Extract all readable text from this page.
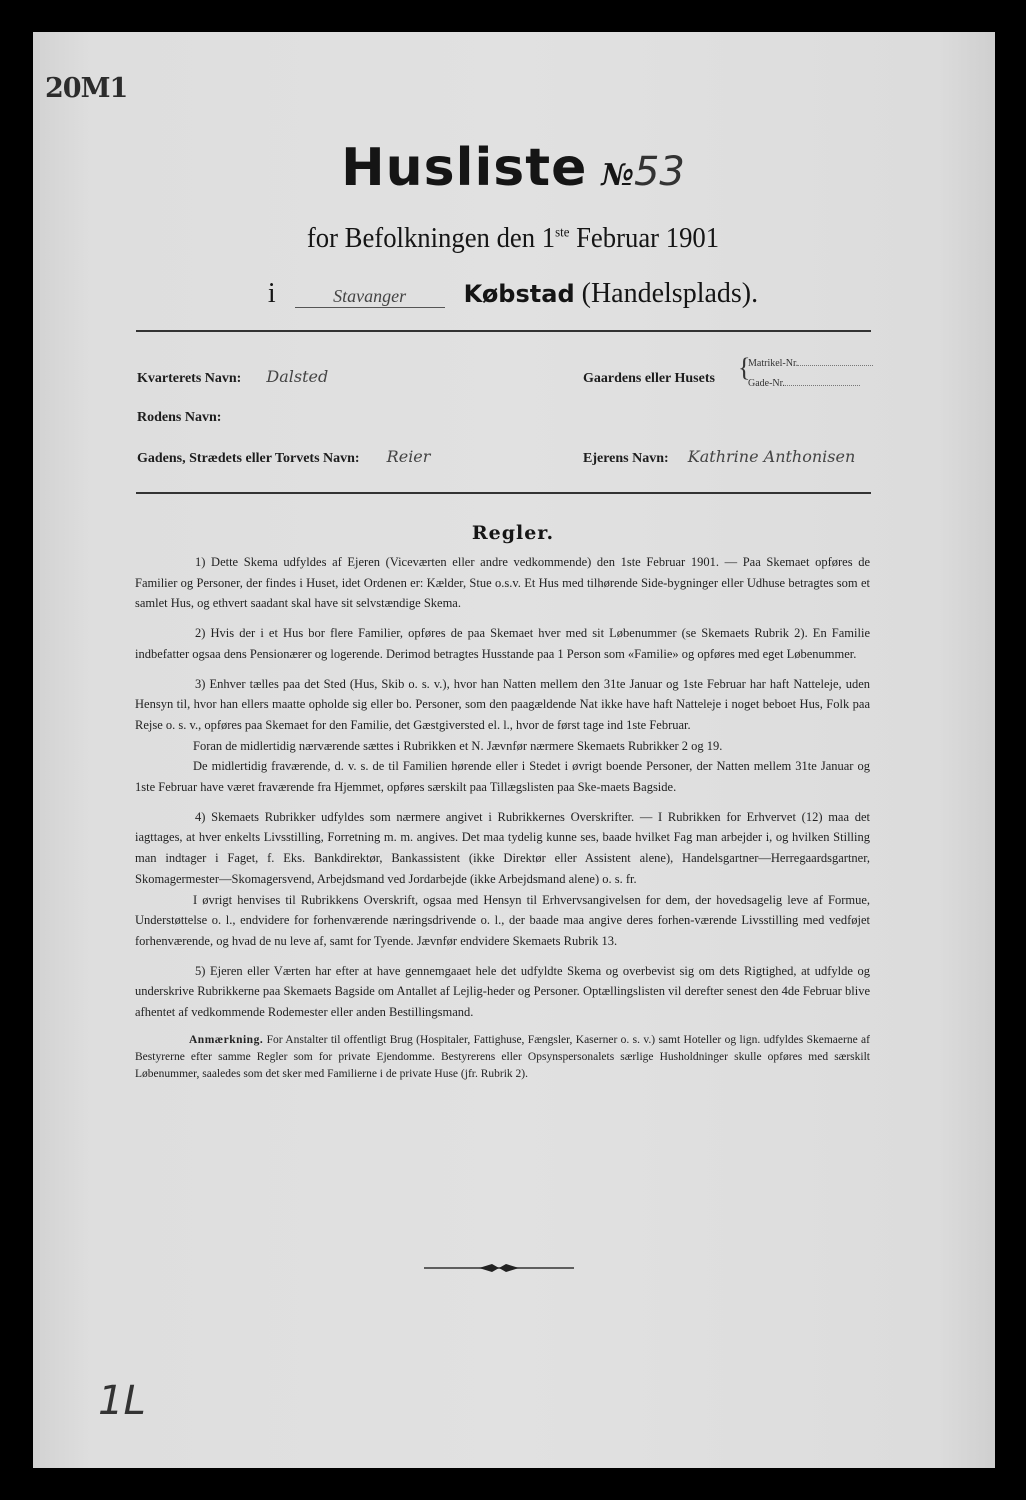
20M1
Husliste №53
for Befolkningen den 1ste Februar 1901
i	Stavanger Købstad (Handelsplads).
Kvarterets Navn: Dalsted	Gaardens eller Husets {
Matrikel-Nr.
Gade-Nr.
Rodens Navn:
Gadens, Strædets eller Torvets Navn: Reier	Ejerens Navn: Kathrine Anthonisen
Regler.

1) Dette Skema udfyldes af Ejeren (Viceværten eller andre vedkommende) den 1ste Februar 1901. — Paa Skemaet opføres de Familier og Personer, der findes i Huset, idet Ordenen er: Kælder, Stue o.s.v. Et Hus med tilhørende Side-bygninger eller Udhuse betragtes som et samlet Hus, og ethvert saadant skal have sit selvstændige Skema.

2) Hvis der i et Hus bor flere Familier, opføres de paa Skemaet hver med sit Løbenummer (se Skemaets Rubrik 2). En Familie indbefatter ogsaa dens Pensionærer og logerende. Derimod betragtes Husstande paa 1 Person som «Familie» og opføres med eget Løbenummer.

3) Enhver tælles paa det Sted (Hus, Skib o. s. v.), hvor han Natten mellem den 31te Januar og 1ste Februar har haft Natteleje, uden Hensyn til, hvor han ellers maatte opholde sig eller bo. Personer, som den paagældende Nat ikke have haft Natteleje i noget beboet Hus, Folk paa Rejse o. s. v., opføres paa Skemaet for den Familie, det Gæstgiversted el. l., hvor de først tage ind 1ste Februar.

Foran de midlertidig nærværende sættes i Rubrikken et N. Jævnfør nærmere Skemaets Rubrikker 2 og 19.

De midlertidig fraværende, d. v. s. de til Familien hørende eller i Stedet i øvrigt boende Personer, der Natten mellem 31te Januar og 1ste Februar have været fraværende fra Hjemmet, opføres særskilt paa Tillægslisten paa Ske-maets Bagside.

4) Skemaets Rubrikker udfyldes som nærmere angivet i Rubrikkernes Overskrifter. — I Rubrikken for Erhvervet (12) maa det iagttages, at hver enkelts Livsstilling, Forretning m. m. angives. Det maa tydelig kunne ses, baade hvilket Fag man arbejder i, og hvilken Stilling man indtager i Faget, f. Eks. Bankdirektør, Bankassistent (ikke Direktør eller Assistent alene), Handelsgartner—Herregaardsgartner, Skomagermester—Skomagersvend, Arbejdsmand ved Jordarbejde (ikke Arbejdsmand alene) o. s. fr.

I øvrigt henvises til Rubrikkens Overskrift, ogsaa med Hensyn til Erhvervsangivelsen for dem, der hovedsagelig leve af Formue, Understøttelse o. l., endvidere for forhenværende næringsdrivende o. l., der baade maa angive deres forhen-værende Livsstilling med vedføjet forhenværende, og hvad de nu leve af, samt for Tyende. Jævnfør endvidere Skemaets Rubrik 13.

5) Ejeren eller Værten har efter at have gennemgaaet hele det udfyldte Skema og overbevist sig om dets Rigtighed, at udfylde og underskrive Rubrikkerne paa Skemaets Bagside om Antallet af Lejlig-heder og Personer. Optællingslisten vil derefter senest den 4de Februar blive afhentet af vedkommende Rodemester eller anden Bestillingsmand.

Anmærkning. For Anstalter til offentligt Brug (Hospitaler, Fattighuse, Fængsler, Kaserner o. s. v.) samt Hoteller og lign. udfyldes Skemaerne af Bestyrerne efter samme Regler som for private Ejendomme. Bestyrerens eller Opsynspersonalets særlige Husholdninger skulle opføres med særskilt Løbenummer, saaledes som det sker med Familierne i de private Huse (jfr. Rubrik 2).

1L
